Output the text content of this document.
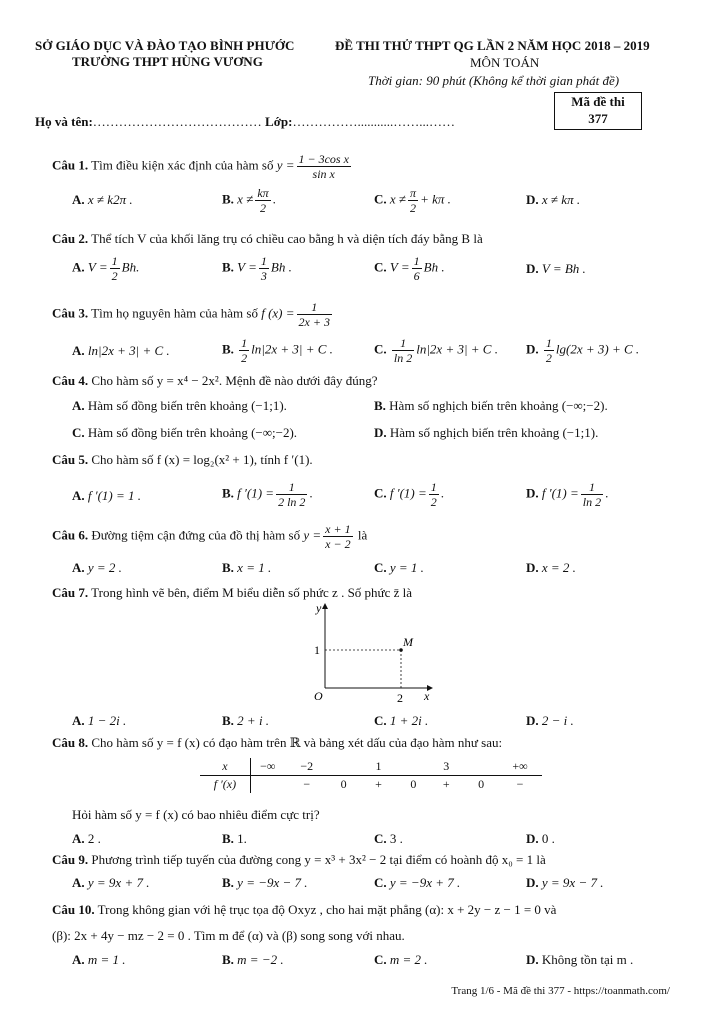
SỞ GIÁO DỤC VÀ ĐÀO TẠO BÌNH PHƯỚC
TRƯỜNG THPT HÙNG VƯƠNG
ĐỀ THI THỬ THPT QG LẦN 2 NĂM HỌC 2018 – 2019
MÔN TOÁN
Thời gian: 90 phút (Không kể thời gian phát đề)
Mã đề thi
377
Họ và tên:………………………………… Lớp:……………...........……...……
Câu 1. Tìm điều kiện xác định của hàm số $y = \frac{\text{1 − 3cos x}}{\text{sin x}}$
A. x ≠ k2π .	B. $x \ne \frac{k\pi}{2}$ .	C. $x \ne \frac{\pi}{2} + k\pi$ .	D. x ≠ kπ .
Câu 2. Thể tích V của khối lăng trụ có chiều cao bằng h và diện tích đáy bằng B là
A. $V = \frac{1}{2} Bh$.	B. $V = \frac{1}{3}$ Bh .	C. $V = \frac{1}{6}$ Bh .	D. V = Bh .
Câu 3. Tìm họ nguyên hàm của hàm số f $(x) = \frac{1}{2x + 3}$
A. ln|2x + 3| + C .	B. $\frac{1}{2} \ln|2x + 3| + C$ .	C. $\frac{1}{\ln 2} \ln|2x + 3| + C$ . D. $\frac{1}{2} \lg(2x + 3) + C$ .
Câu 4. Cho hàm số y = x⁴ − 2x². Mệnh đề nào dưới đây đúng?
A. Hàm số đồng biến trên khoảng (−1;1).	B. Hàm số nghịch biến trên khoảng (−∞;−2).
C. Hàm số đồng biến trên khoảng (−∞;−2).	D. Hàm số nghịch biến trên khoảng (−1;1).
Câu 5. Cho hàm số f (x) = log₂(x² + 1), tính f ′(1).
A. f ′(1) = 1 .	B. f $'(1) = \frac{1}{2 \ln 2}$ .	C. f $'(1) = \frac{1}{2}$ .	D. f $'(1) = \frac{1}{\ln 2}$ .
Câu 6. Đường tiệm cận đứng của đồ thị hàm số $y = \frac{x + 1}{x - 2}$ là
A. y = 2 .	B. x = 1 .	C. y = 1 .	D. x = 2 .
Câu 7. Trong hình vẽ bên, điểm M biểu diễn số phức z . Số phức z̄ là
y
x
O
1
2
M
A. 1 − 2i .	B. 2 + i .	C. 1 + 2i .	D. 2 − i .
Câu 8. Cho hàm số y = f (x) có đạo hàm trên ℝ và bảng xét dấu của đạo hàm như sau:
x	−∞	−2		1		3		+∞
f ′(x)		−	0	+	0	+	0	−
Hỏi hàm số y = f (x) có bao nhiêu điểm cực trị?
A. 2 .	B. 1.	C. 3 .	D. 0 .
Câu 9. Phương trình tiếp tuyến của đường cong y = x³ + 3x² − 2 tại điểm có hoành độ x₀ = 1 là
A. y = 9x + 7 .	B. y = −9x − 7 .	C. y = −9x + 7 .	D. y = 9x − 7 .
Câu 10. Trong không gian với hệ trục tọa độ Oxyz , cho hai mặt phẳng (α): x + 2y − z − 1 = 0 và
(β): 2x + 4y − mz − 2 = 0 . Tìm m để (α) và (β) song song với nhau.
A. m = 1 .	B. m = −2 .	C. m = 2 .	D. Không tồn tại m .
Trang 1/6 - Mã đề thi 377 - https://toanmath.com/
